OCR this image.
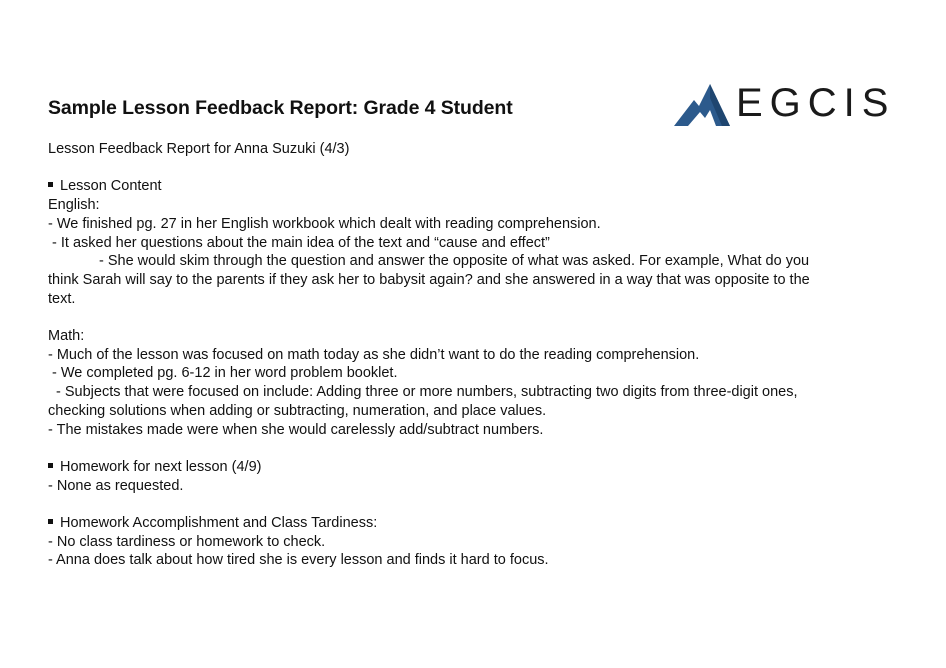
Sample Lesson Feedback Report: Grade 4 Student	EGCIS
Lesson Feedback Report for Anna Suzuki (4/3)
Lesson Content
English:
- We finished pg. 27 in her English workbook which dealt with reading comprehension.
- It asked her questions about the main idea of the text and “cause and effect”
- She would skim through the question and answer the opposite of what was asked. For example, What do you
think Sarah will say to the parents if they ask her to babysit again? and she answered in a way that was opposite to the
text.
Math:
- Much of the lesson was focused on math today as she didn’t want to do the reading comprehension.
- We completed pg. 6-12 in her word problem booklet.
- Subjects that were focused on include: Adding three or more numbers, subtracting two digits from three-digit ones,
checking solutions when adding or subtracting, numeration, and place values.
- The mistakes made were when she would carelessly add/subtract numbers.
Homework for next lesson (4/9)
- None as requested.
Homework Accomplishment and Class Tardiness:
- No class tardiness or homework to check.
- Anna does talk about how tired she is every lesson and finds it hard to focus.
